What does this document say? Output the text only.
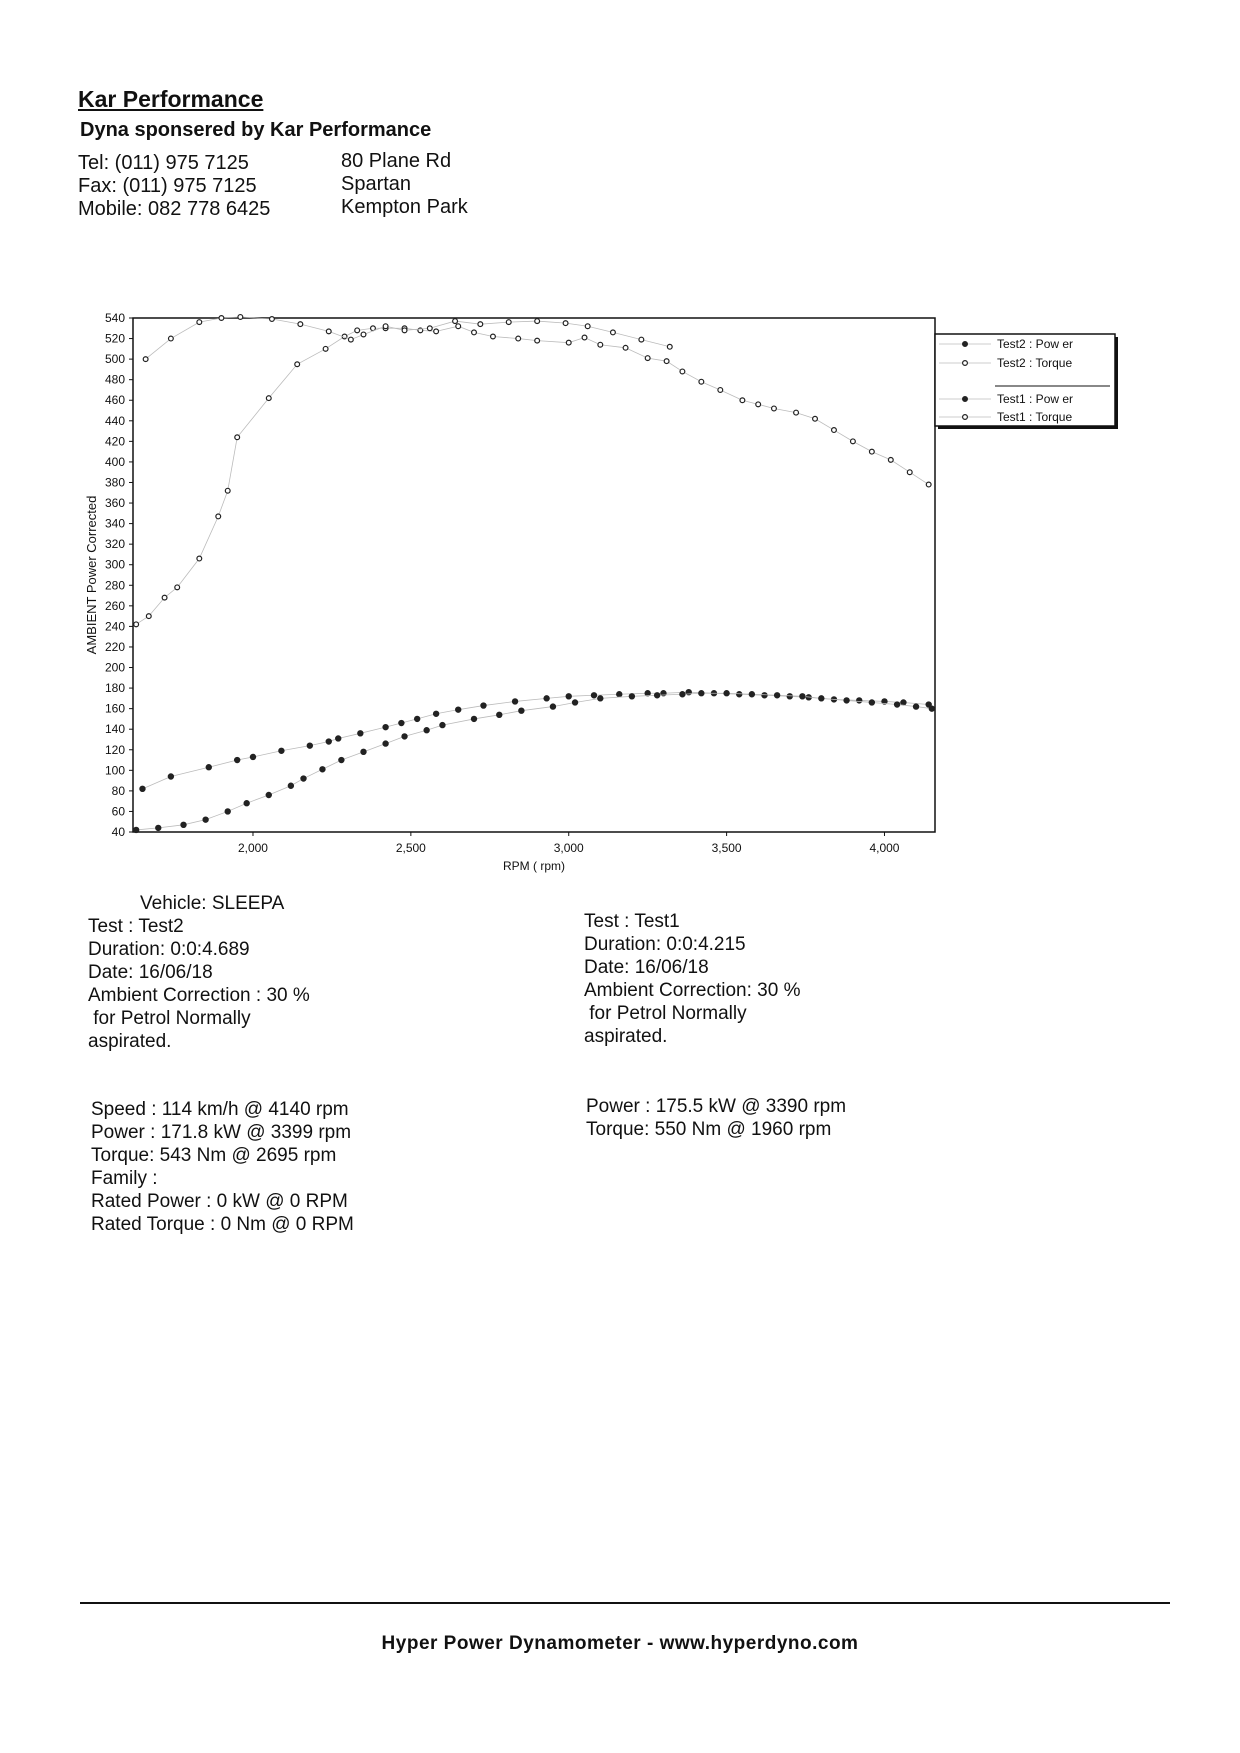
Kar Performance
Dyna sponsered by Kar Performance
Tel: (011) 975 7125
Fax: (011) 975 7125
Mobile: 082 778 6425
80 Plane Rd
Spartan
Kempton Park
40
60
80
100
120
140
160
180
200
220
240
260
280
300
320
340
360
380
400
420
440
460
480
500
520
540
2,000	2,500	3,000	3,500	4,000
RPM ( rpm)
AMBIENT Power Corrected
Test2 : Pow er
Test2 : Torque
Test1 : Pow er
Test1 : Torque
Vehicle: SLEEPA
Test : Test2
Duration: 0:0:4.689
Date: 16/06/18
Ambient Correction : 30 %
for Petrol Normally
aspirated.
Speed : 114 km/h @ 4140 rpm
Power : 171.8 kW @ 3399 rpm
Torque: 543 Nm @ 2695 rpm
Family :
Rated Power : 0 kW @ 0 RPM
Rated Torque : 0 Nm @ 0 RPM
Test : Test1
Duration: 0:0:4.215
Date: 16/06/18
Ambient Correction: 30 %
for Petrol Normally
aspirated.
Power : 175.5 kW @ 3390 rpm
Torque: 550 Nm @ 1960 rpm
Hyper Power Dynamometer - www.hyperdyno.com
